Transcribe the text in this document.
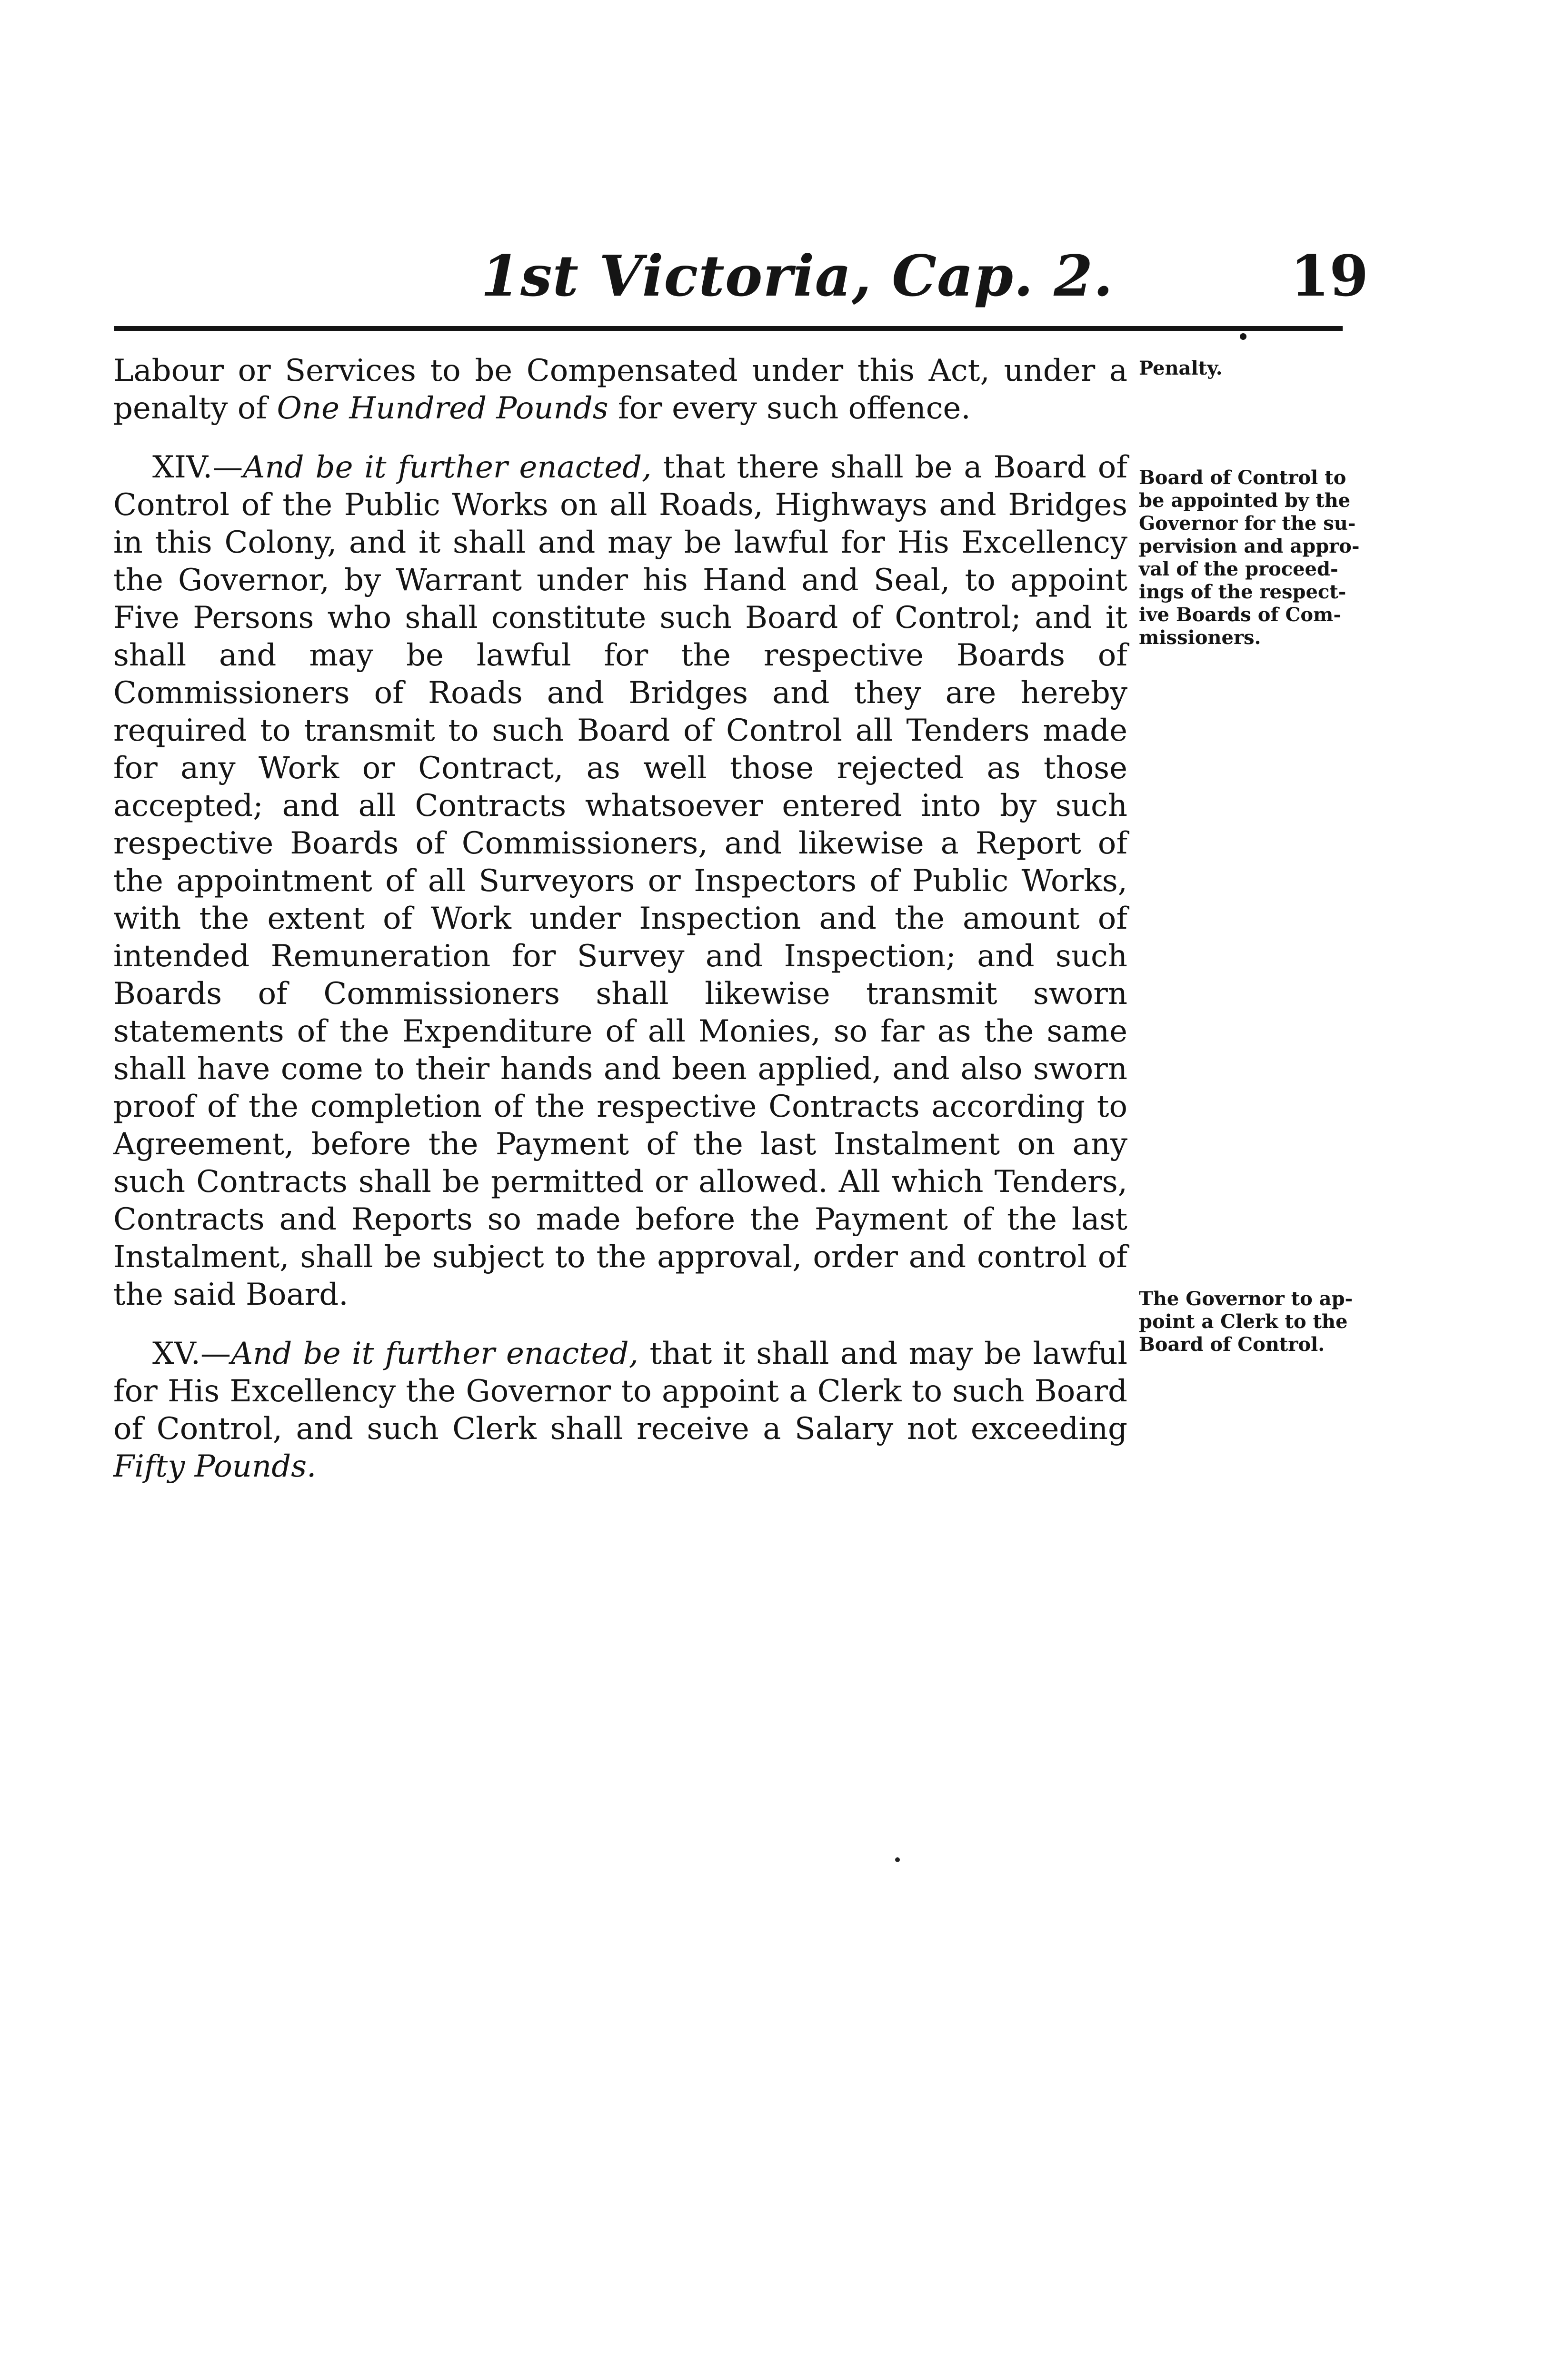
1st Victoria, Cap. 2.	19

Labour or Services to be Compensated under this Act, under a penalty of One Hundred Pounds for every such offence.

XIV.—And be it further enacted, that there shall be a Board of Control of the Public Works on all Roads, Highways and Bridges in this Colony, and it shall and may be lawful for His Excellency the Governor, by Warrant under his Hand and Seal, to appoint Five Persons who shall constitute such Board of Control; and it shall and may be lawful for the respective Boards of Commissioners of Roads and Bridges and they are hereby required to transmit to such Board of Control all Tenders made for any Work or Contract, as well those rejected as those accepted; and all Contracts whatsoever entered into by such respective Boards of Commissioners, and likewise a Report of the appointment of all Surveyors or Inspectors of Public Works, with the extent of Work under Inspection and the amount of intended Remuneration for Survey and Inspection; and such Boards of Commissioners shall likewise transmit sworn statements of the Expenditure of all Monies, so far as the same shall have come to their hands and been applied, and also sworn proof of the completion of the respective Contracts according to Agreement, before the Payment of the last Instalment on any such Contracts shall be permitted or allowed. All which Tenders, Contracts and Reports so made before the Payment of the last Instalment, shall be subject to the approval, order and control of the said Board.

XV.—And be it further enacted, that it shall and may be lawful for His Excellency the Governor to appoint a Clerk to such Board of Control, and such Clerk shall receive a Salary not exceeding Fifty Pounds.

Penalty.
Board of Control to
be appointed by the
Governor for the su-
pervision and appro-
val of the proceed-
ings of the respect-
ive Boards of Com-
missioners.
The Governor to ap-
point a Clerk to the
Board of Control.
